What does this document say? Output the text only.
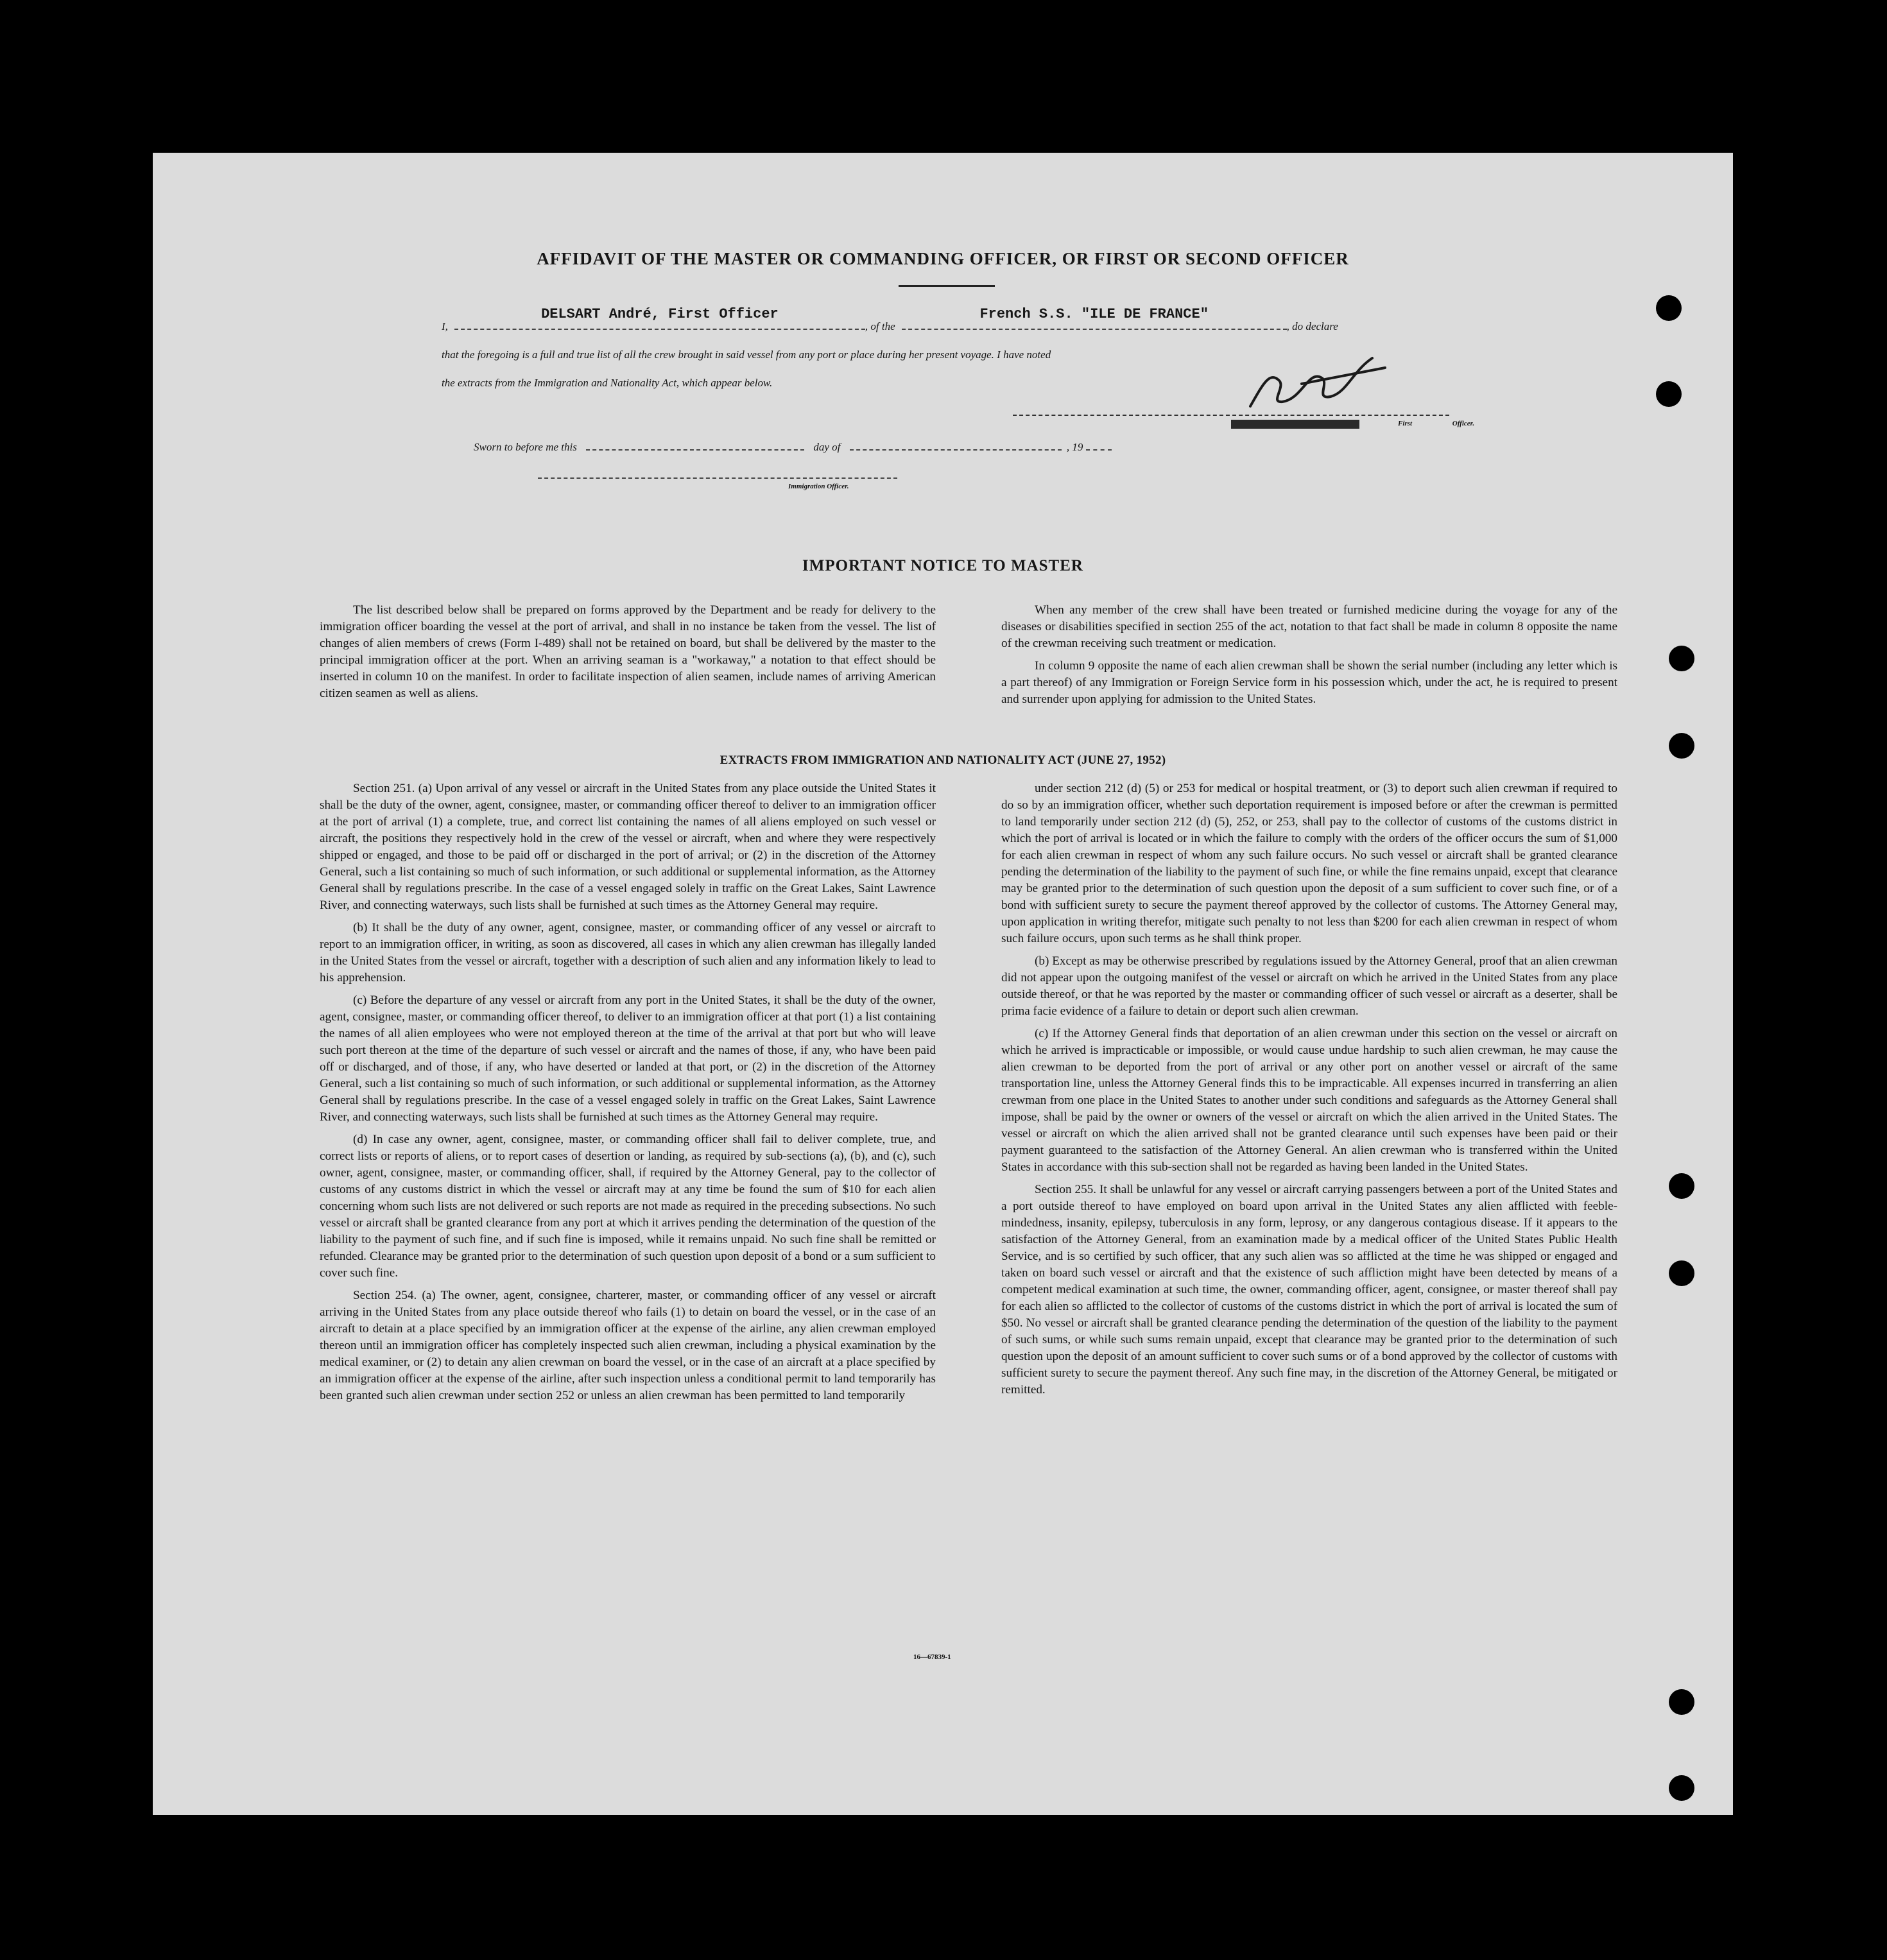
AFFIDAVIT OF THE MASTER OR COMMANDING OFFICER, OR FIRST OR SECOND OFFICER
I,
DELSART André, First Officer
, of the
French S.S. "ILE DE FRANCE"
, do declare
that the foregoing is a full and true list of all the crew brought in said vessel from any port or place during her present voyage. I have noted
the extracts from the Immigration and Nationality Act, which appear below.
First	Officer.
Sworn to before me this	day of	, 19
Immigration Officer.
IMPORTANT NOTICE TO MASTER

The list described below shall be prepared on forms approved by the Department and be ready for delivery to the immigration officer boarding the vessel at the port of arrival, and shall in no instance be taken from the vessel. The list of changes of alien members of crews (Form I-489) shall not be retained on board, but shall be delivered by the master to the principal immigration officer at the port. When an arriving seaman is a "workaway," a notation to that effect should be inserted in column 10 on the manifest. In order to facilitate inspection of alien seamen, include names of arriving American citizen seamen as well as aliens.

When any member of the crew shall have been treated or furnished medicine during the voyage for any of the diseases or disabilities specified in section 255 of the act, notation to that fact shall be made in column 8 opposite the name of the crewman receiving such treatment or medication.

In column 9 opposite the name of each alien crewman shall be shown the serial number (including any letter which is a part thereof) of any Immigration or Foreign Service form in his possession which, under the act, he is required to present and surrender upon applying for admission to the United States.

EXTRACTS FROM IMMIGRATION AND NATIONALITY ACT (JUNE 27, 1952)

Section 251. (a) Upon arrival of any vessel or aircraft in the United States from any place outside the United States it shall be the duty of the owner, agent, consignee, master, or commanding officer thereof to deliver to an immigration officer at the port of arrival (1) a complete, true, and correct list containing the names of all aliens employed on such vessel or aircraft, the positions they respectively hold in the crew of the vessel or aircraft, when and where they were respectively shipped or engaged, and those to be paid off or discharged in the port of arrival; or (2) in the discretion of the Attorney General, such a list containing so much of such information, or such additional or supplemental information, as the Attorney General shall by regulations prescribe. In the case of a vessel engaged solely in traffic on the Great Lakes, Saint Lawrence River, and connecting waterways, such lists shall be furnished at such times as the Attorney General may require.

(b) It shall be the duty of any owner, agent, consignee, master, or commanding officer of any vessel or aircraft to report to an immigration officer, in writing, as soon as discovered, all cases in which any alien crewman has illegally landed in the United States from the vessel or aircraft, together with a description of such alien and any information likely to lead to his apprehension.

(c) Before the departure of any vessel or aircraft from any port in the United States, it shall be the duty of the owner, agent, consignee, master, or commanding officer thereof, to deliver to an immigration officer at that port (1) a list containing the names of all alien employees who were not employed thereon at the time of the arrival at that port but who will leave such port thereon at the time of the departure of such vessel or aircraft and the names of those, if any, who have been paid off or discharged, and of those, if any, who have deserted or landed at that port, or (2) in the discretion of the Attorney General, such a list containing so much of such information, or such additional or supplemental information, as the Attorney General shall by regulations prescribe. In the case of a vessel engaged solely in traffic on the Great Lakes, Saint Lawrence River, and connecting waterways, such lists shall be furnished at such times as the Attorney General may require.

(d) In case any owner, agent, consignee, master, or commanding officer shall fail to deliver complete, true, and correct lists or reports of aliens, or to report cases of desertion or landing, as required by sub-sections (a), (b), and (c), such owner, agent, consignee, master, or commanding officer, shall, if required by the Attorney General, pay to the collector of customs of any customs district in which the vessel or aircraft may at any time be found the sum of $10 for each alien concerning whom such lists are not delivered or such reports are not made as required in the preceding subsections. No such vessel or aircraft shall be granted clearance from any port at which it arrives pending the determination of the question of the liability to the payment of such fine, and if such fine is imposed, while it remains unpaid. No such fine shall be remitted or refunded. Clearance may be granted prior to the determination of such question upon deposit of a bond or a sum sufficient to cover such fine.

Section 254. (a) The owner, agent, consignee, charterer, master, or commanding officer of any vessel or aircraft arriving in the United States from any place outside thereof who fails (1) to detain on board the vessel, or in the case of an aircraft to detain at a place specified by an immigration officer at the expense of the airline, any alien crewman employed thereon until an immigration officer has completely inspected such alien crewman, including a physical examination by the medical examiner, or (2) to detain any alien crewman on board the vessel, or in the case of an aircraft at a place specified by an immigration officer at the expense of the airline, after such inspection unless a conditional permit to land temporarily has been granted such alien crewman under section 252 or unless an alien crewman has been permitted to land temporarily

under section 212 (d) (5) or 253 for medical or hospital treatment, or (3) to deport such alien crewman if required to do so by an immigration officer, whether such deportation requirement is imposed before or after the crewman is permitted to land temporarily under section 212 (d) (5), 252, or 253, shall pay to the collector of customs of the customs district in which the port of arrival is located or in which the failure to comply with the orders of the officer occurs the sum of $1,000 for each alien crewman in respect of whom any such failure occurs. No such vessel or aircraft shall be granted clearance pending the determination of the liability to the payment of such fine, or while the fine remains unpaid, except that clearance may be granted prior to the determination of such question upon the deposit of a sum sufficient to cover such fine, or of a bond with sufficient surety to secure the payment thereof approved by the collector of customs. The Attorney General may, upon application in writing therefor, mitigate such penalty to not less than $200 for each alien crewman in respect of whom such failure occurs, upon such terms as he shall think proper.

(b) Except as may be otherwise prescribed by regulations issued by the Attorney General, proof that an alien crewman did not appear upon the outgoing manifest of the vessel or aircraft on which he arrived in the United States from any place outside thereof, or that he was reported by the master or commanding officer of such vessel or aircraft as a deserter, shall be prima facie evidence of a failure to detain or deport such alien crewman.

(c) If the Attorney General finds that deportation of an alien crewman under this section on the vessel or aircraft on which he arrived is impracticable or impossible, or would cause undue hardship to such alien crewman, he may cause the alien crewman to be deported from the port of arrival or any other port on another vessel or aircraft of the same transportation line, unless the Attorney General finds this to be impracticable. All expenses incurred in transferring an alien crewman from one place in the United States to another under such conditions and safeguards as the Attorney General shall impose, shall be paid by the owner or owners of the vessel or aircraft on which the alien arrived in the United States. The vessel or aircraft on which the alien arrived shall not be granted clearance until such expenses have been paid or their payment guaranteed to the satisfaction of the Attorney General. An alien crewman who is transferred within the United States in accordance with this sub-section shall not be regarded as having been landed in the United States.

Section 255. It shall be unlawful for any vessel or aircraft carrying passengers between a port of the United States and a port outside thereof to have employed on board upon arrival in the United States any alien afflicted with feeble-mindedness, insanity, epilepsy, tuberculosis in any form, leprosy, or any dangerous contagious disease. If it appears to the satisfaction of the Attorney General, from an examination made by a medical officer of the United States Public Health Service, and is so certified by such officer, that any such alien was so afflicted at the time he was shipped or engaged and taken on board such vessel or aircraft and that the existence of such affliction might have been detected by means of a competent medical examination at such time, the owner, commanding officer, agent, consignee, or master thereof shall pay for each alien so afflicted to the collector of customs of the customs district in which the port of arrival is located the sum of $50. No vessel or aircraft shall be granted clearance pending the determination of the question of the liability to the payment of such sums, or while such sums remain unpaid, except that clearance may be granted prior to the determination of such question upon the deposit of an amount sufficient to cover such sums or of a bond approved by the collector of customs with sufficient surety to secure the payment thereof. Any such fine may, in the discretion of the Attorney General, be mitigated or remitted.

16—67839-1
